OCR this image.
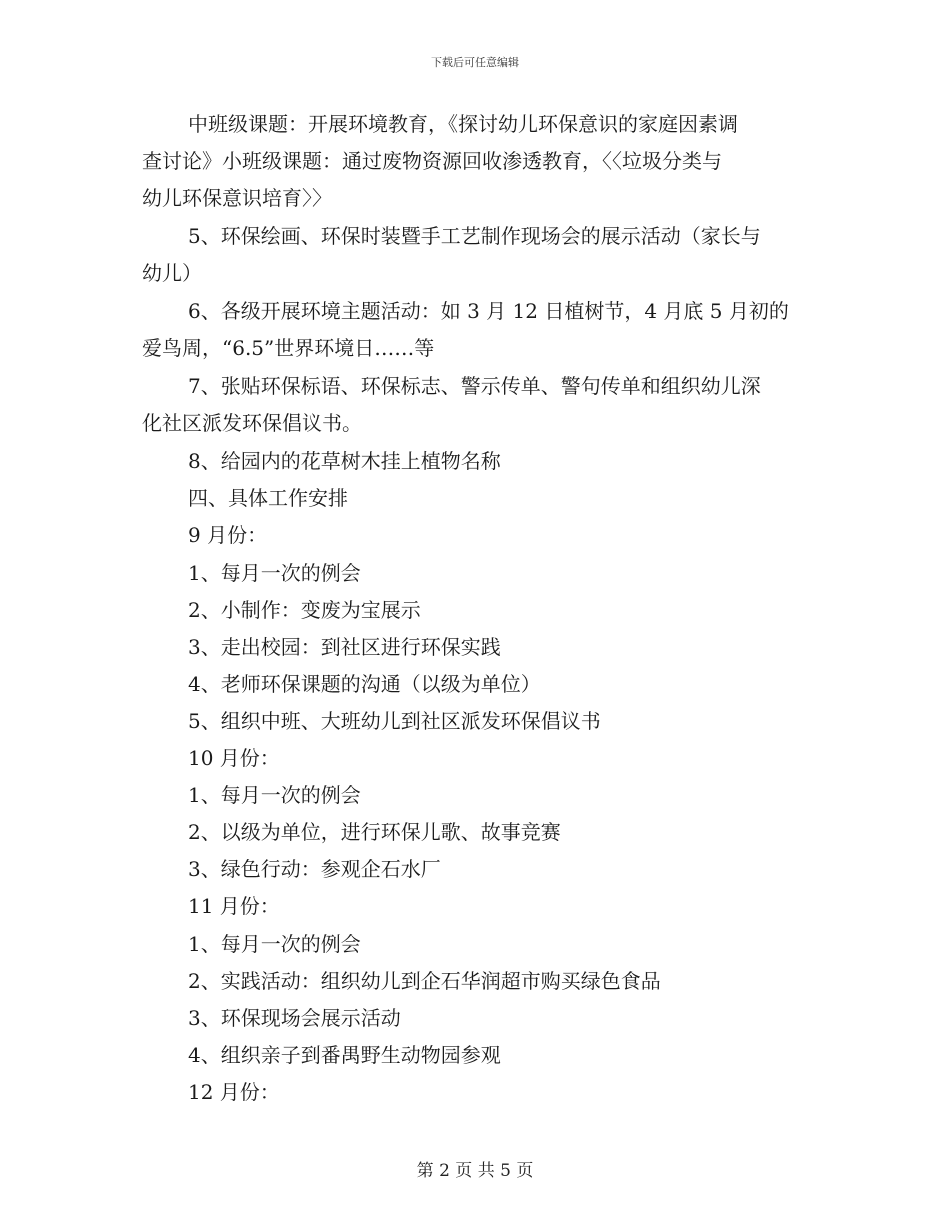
下载后可任意编辑
中班级课题：开展环境教育，《探讨幼儿环保意识的家庭因素调
查讨论》小班级课题：通过废物资源回收渗透教育，〈〈垃圾分类与
幼儿环保意识培育〉〉
5、环保绘画、环保时装暨手工艺制作现场会的展示活动（家长与
幼儿）
6、各级开展环境主题活动：如 3 月 12 日植树节，4 月底 5 月初的
爱鸟周，“6.5”世界环境日……等
7、张贴环保标语、环保标志、警示传单、警句传单和组织幼儿深
化社区派发环保倡议书。
8、给园内的花草树木挂上植物名称
四、具体工作安排
9 月份：
1、每月一次的例会
2、小制作：变废为宝展示
3、走出校园：到社区进行环保实践
4、老师环保课题的沟通（以级为单位）
5、组织中班、大班幼儿到社区派发环保倡议书
10 月份：
1、每月一次的例会
2、以级为单位，进行环保儿歌、故事竞赛
3、绿色行动：参观企石水厂
11 月份：
1、每月一次的例会
2、实践活动：组织幼儿到企石华润超市购买绿色食品
3、环保现场会展示活动
4、组织亲子到番禺野生动物园参观
12 月份：
第 2 页 共 5 页
